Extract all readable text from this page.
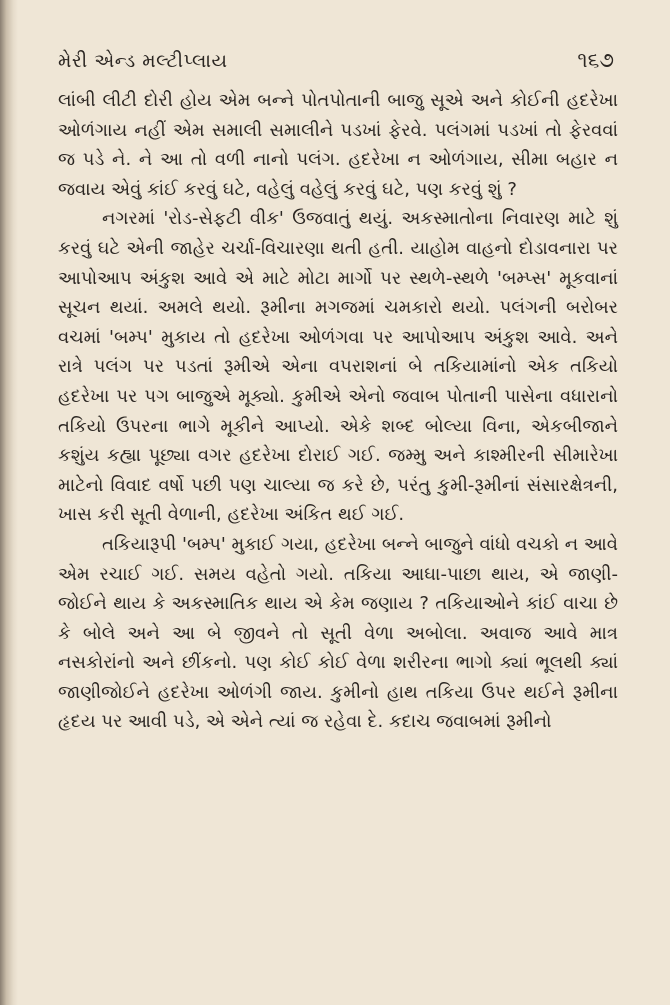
મેરી એન્ડ મલ્ટીપ્લાય	૧૬૭

લાંબી લીટી દોરી હોય એમ બન્ને પોતપોતાની બાજુ સૂએ અને કોઈની હદરેખા ઓળંગાય નહીં એમ સમાલી સમાલીને પડખાં ફેરવે. પલંગમાં પડખાં તો ફેરવવાં જ પડે ને. ને આ તો વળી નાનો પલંગ. હદરેખા ન ઓળંગાય, સીમા બહાર ન જવાય એવું કાંઈ કરવું ઘટે, વહેલું વહેલું કરવું ઘટે, પણ કરવું શું ?

નગરમાં 'રોડ-સેફટી વીક' ઉજવાતું થયું. અકસ્માતોના નિવારણ માટે શું કરવું ઘટે એની જાહેર ચર્ચા-વિચારણા થતી હતી. યાહોમ વાહનો દોડાવનારા પર આપોઆપ અંકુશ આવે એ માટે મોટા માર્ગો પર સ્થળે-સ્થળે 'બમ્પ્સ' મૂકવાનાં સૂચન થયાં. અમલે થયો. રૂમીના મગજમાં ચમકારો થયો. પલંગની બરોબર વચમાં 'બમ્પ' મુકાય તો હદરેખા ઓળંગવા પર આપોઆપ અંકુશ આવે. અને રાત્રે પલંગ પર પડતાં રૂમીએ એના વપરાશનાં બે તકિયામાંનો એક તકિયો હદરેખા પર પગ બાજુએ મૂક્યો. કુમીએ એનો જવાબ પોતાની પાસેના વધારાનો તકિયો ઉપરના ભાગે મૂકીને આપ્યો. એકે શબ્દ બોલ્યા વિના, એકબીજાને કશુંય કહ્યા પૂછ્યા વગર હદરેખા દોરાઈ ગઈ. જમ્મુ અને કાશ્મીરની સીમારેખા માટેનો વિવાદ વર્ષો પછી પણ ચાલ્યા જ કરે છે, પરંતુ કુમી-રૂમીનાં સંસારક્ષેત્રની, ખાસ કરી સૂતી વેળાની, હદરેખા અંકિત થઈ ગઈ.

તકિયારૂપી 'બમ્પ' મુકાઈ ગયા, હદરેખા બન્ને બાજુને વાંધો વચકો ન આવે એમ રચાઈ ગઈ. સમય વહેતો ગયો. તકિયા આઘા-પાછા થાય, એ જાણી-જોઈને થાય કે અકસ્માતિક થાય એ કેમ જણાય ? તકિયાઓને કાંઈ વાચા છે કે બોલે અને આ બે જીવને તો સૂતી વેળા અબોલા. અવાજ આવે માત્ર નસકોરાંનો અને છીંકનો. પણ કોઈ કોઈ વેળા શરીરના ભાગો ક્યાં ભૂલથી ક્યાં જાણીજોઈને હદરેખા ઓળંગી જાય. કુમીનો હાથ તકિયા ઉપર થઈને રૂમીના હૃદય પર આવી પડે, એ એને ત્યાં જ રહેવા દે. કદાચ જવાબમાં રૂમીનો
